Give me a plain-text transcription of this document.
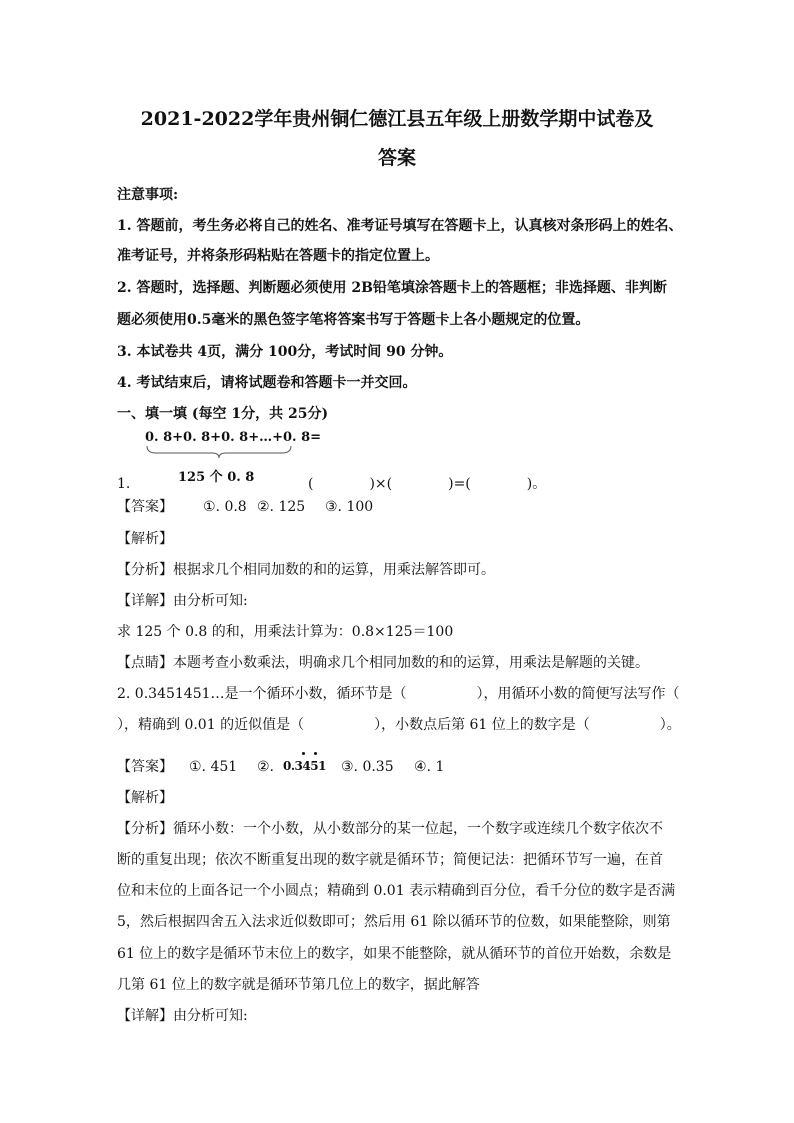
2021-2022学年贵州铜仁德江县五年级上册数学期中试卷及
答案
注意事项:
1. 答题前，考生务必将自己的姓名、准考证号填写在答题卡上，认真核对条形码上的姓名、
准考证号，并将条形码粘贴在答题卡的指定位置上。
2. 答题时，选择题、判断题必须使用 2B铅笔填涂答题卡上的答题框；非选择题、非判断
题必须使用0.5毫米的黑色签字笔将答案书写于答题卡上各小题规定的位置。
3. 本试卷共 4页，满分 100分，考试时间 90 分钟。
4. 考试结束后，请将试题卷和答题卡一并交回。
一、填一填 (每空 1分，共 25分)
0. 8+0. 8+0. 8+…+0. 8=
125 个 0. 8
1.	(　　　　)×(　　　　)=(　　　　)。
【答案】 ①. 0.8 ②. 125 ③. 100
【解析】
【分析】根据求几个相同加数的和的运算，用乘法解答即可。
【详解】由分析可知:
求 125 个 0.8 的和，用乘法计算为：0.8×125＝100
【点睛】本题考查小数乘法，明确求几个相同加数的和的运算，用乘法是解题的关键。
2. 0.3451451…是一个循环小数，循环节是（　　　　　），用循环小数的简便写法写作（
），精确到 0.01 的近似值是（　　　　　），小数点后第 61 位上的数字是（　　　　　）。
【答案】 ①. 451 ②. 0.3451 ③. 0.35 ④. 1
【解析】
【分析】循环小数：一个小数，从小数部分的某一位起，一个数字或连续几个数字依次不
断的重复出现；依次不断重复出现的数字就是循环节；简便记法：把循环节写一遍，在首
位和末位的上面各记一个小圆点；精确到 0.01 表示精确到百分位，看千分位的数字是否满
5，然后根据四舍五入法求近似数即可；然后用 61 除以循环节的位数，如果能整除，则第
61 位上的数字是循环节末位上的数字，如果不能整除，就从循环节的首位开始数，余数是
几第 61 位上的数字就是循环节第几位上的数字，据此解答
【详解】由分析可知:
